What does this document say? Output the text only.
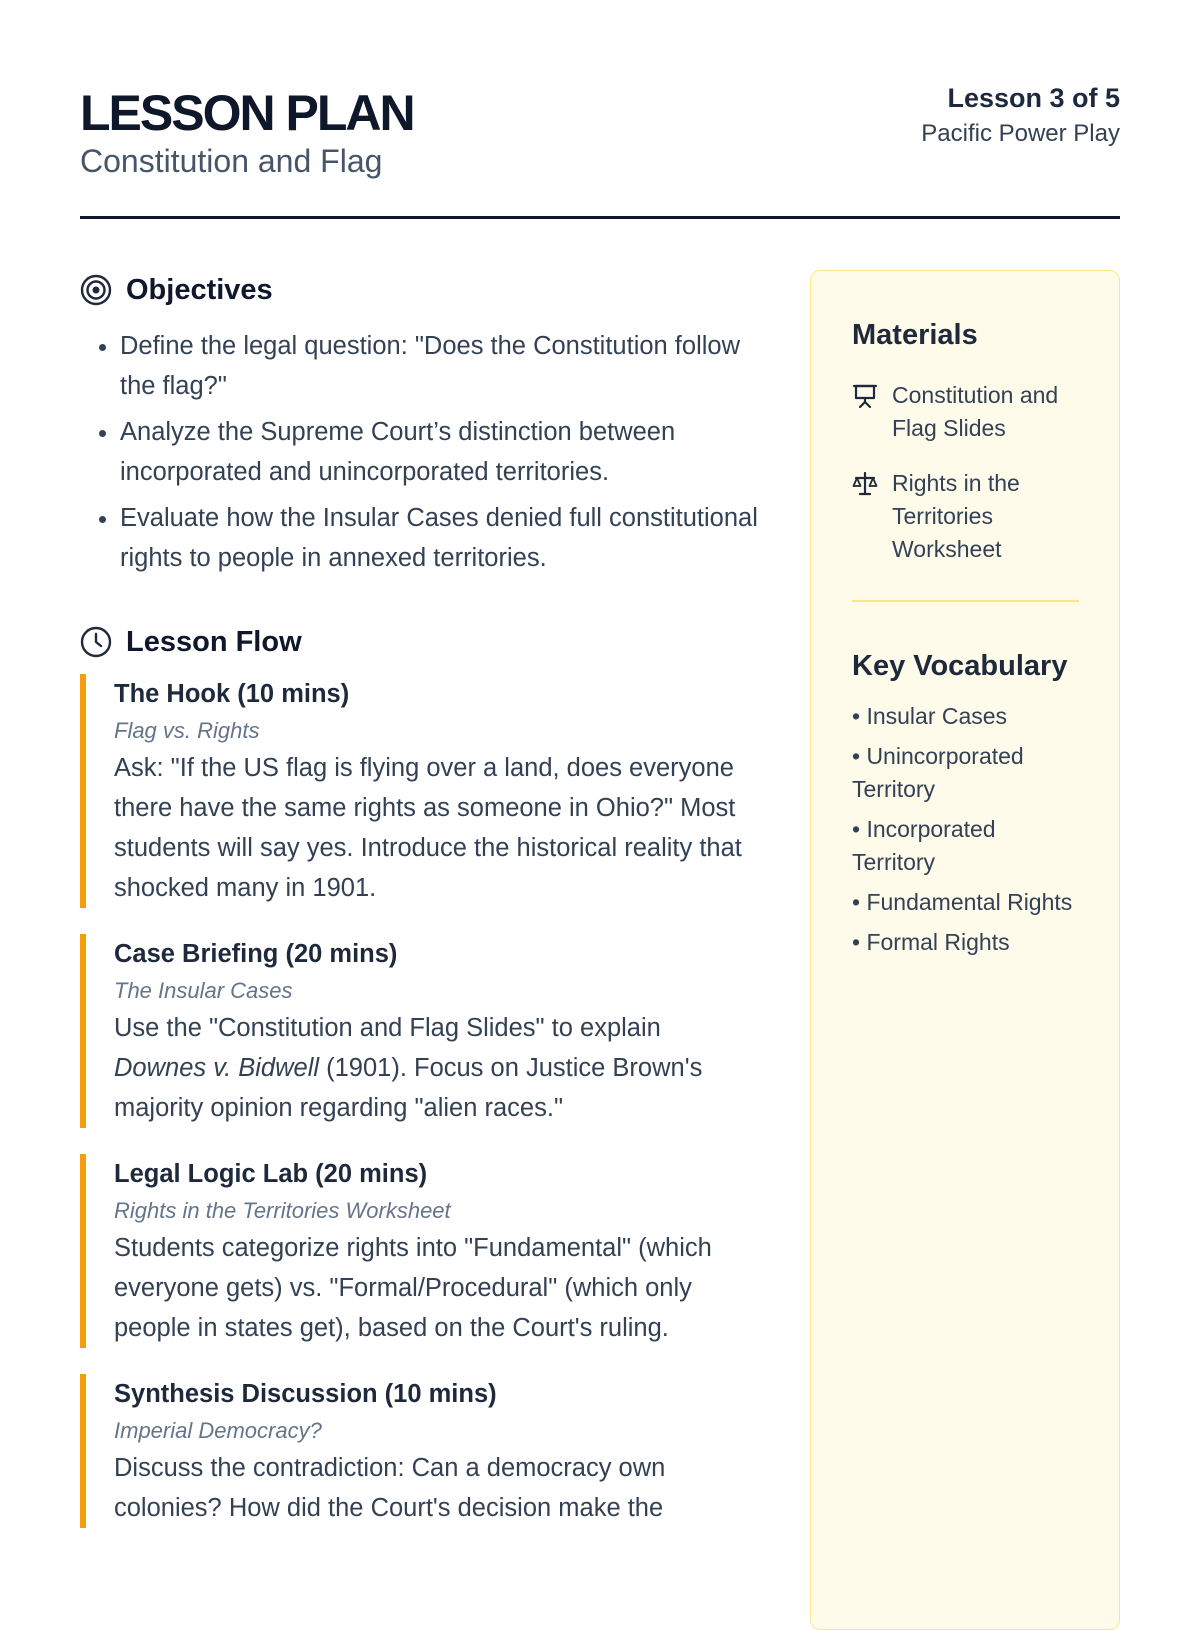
LESSON PLAN
Constitution and Flag
Lesson 3 of 5
Pacific Power Play
Objectives
• Define the legal question: "Does the Constitution follow the flag?"
• Analyze the Supreme Court’s distinction between incorporated and unincorporated territories.
• Evaluate how the Insular Cases denied full constitutional rights to people in annexed territories.
Lesson Flow
The Hook (10 mins)
Flag vs. Rights
Ask: "If the US flag is flying over a land, does everyone there have the same rights as someone in Ohio?" Most students will say yes. Introduce the historical reality that shocked many in 1901.
Case Briefing (20 mins)
The Insular Cases
Use the "Constitution and Flag Slides" to explain Downes v. Bidwell (1901). Focus on Justice Brown's majority opinion regarding "alien races."
Legal Logic Lab (20 mins)
Rights in the Territories Worksheet
Students categorize rights into "Fundamental" (which everyone gets) vs. "Formal/Procedural" (which only people in states get), based on the Court's ruling.
Synthesis Discussion (10 mins)
Imperial Democracy?
Discuss the contradiction: Can a democracy own colonies? How did the Court's decision make the
Materials
Constitution and Flag Slides
Rights in the Territories Worksheet
Key Vocabulary
• Insular Cases
• Unincorporated Territory
• Incorporated Territory
• Fundamental Rights
• Formal Rights
